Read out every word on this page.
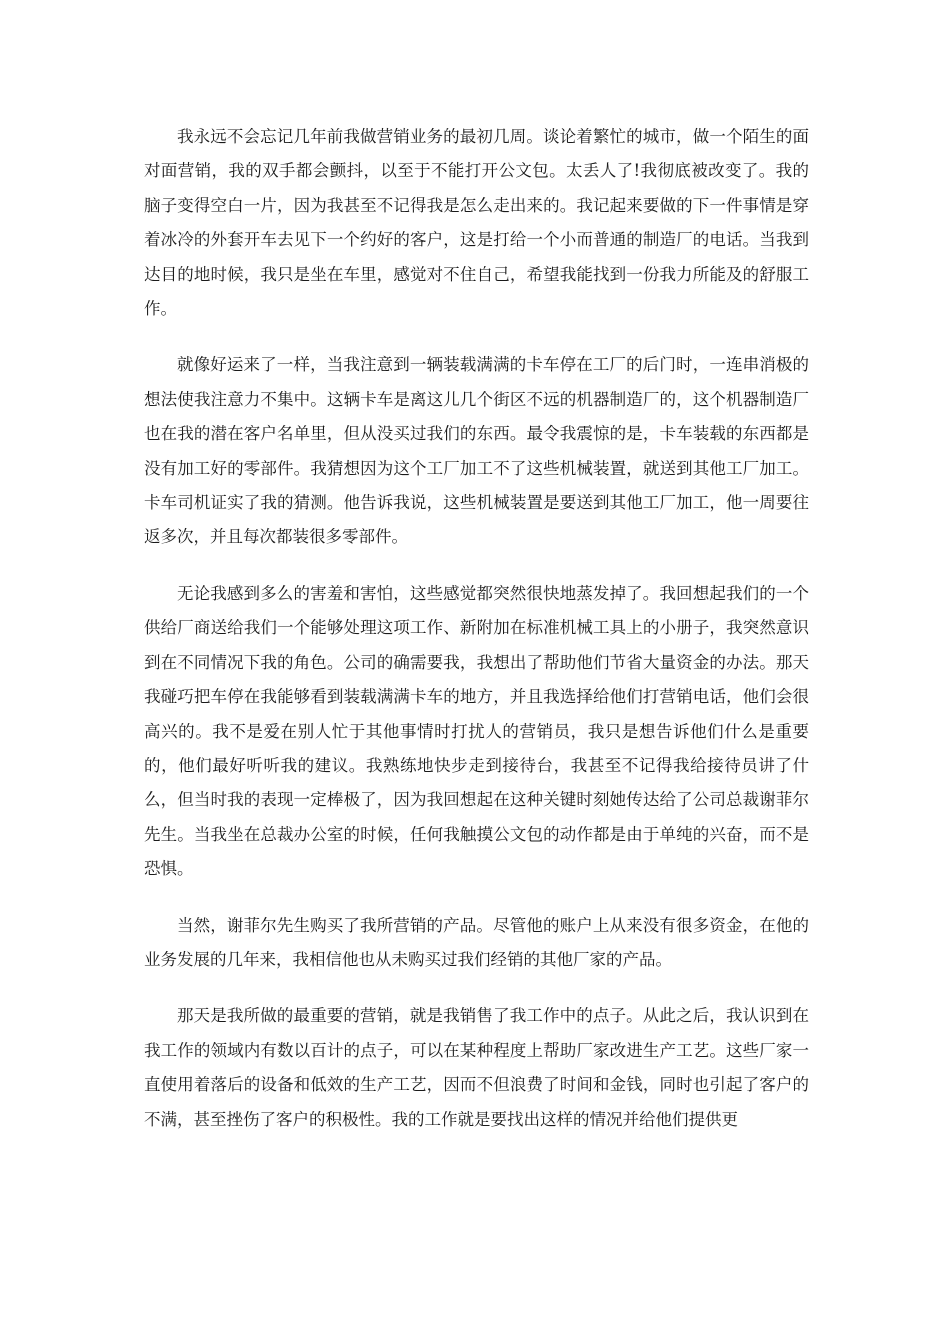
我永远不会忘记几年前我做营销业务的最初几周。谈论着繁忙的城市，做一个陌生的面对面营销，我的双手都会颤抖，以至于不能打开公文包。太丢人了!我彻底被改变了。我的脑子变得空白一片，因为我甚至不记得我是怎么走出来的。我记起来要做的下一件事情是穿着冰冷的外套开车去见下一个约好的客户，这是打给一个小而普通的制造厂的电话。当我到达目的地时候，我只是坐在车里，感觉对不住自己，希望我能找到一份我力所能及的舒服工作。

就像好运来了一样，当我注意到一辆装载满满的卡车停在工厂的后门时，一连串消极的想法使我注意力不集中。这辆卡车是离这儿几个街区不远的机器制造厂的，这个机器制造厂也在我的潜在客户名单里，但从没买过我们的东西。最令我震惊的是，卡车装载的东西都是没有加工好的零部件。我猜想因为这个工厂加工不了这些机械装置，就送到其他工厂加工。卡车司机证实了我的猜测。他告诉我说，这些机械装置是要送到其他工厂加工，他一周要往返多次，并且每次都装很多零部件。

无论我感到多么的害羞和害怕，这些感觉都突然很快地蒸发掉了。我回想起我们的一个供给厂商送给我们一个能够处理这项工作、新附加在标准机械工具上的小册子，我突然意识到在不同情况下我的角色。公司的确需要我，我想出了帮助他们节省大量资金的办法。那天我碰巧把车停在我能够看到装载满满卡车的地方，并且我选择给他们打营销电话，他们会很高兴的。我不是爱在别人忙于其他事情时打扰人的营销员，我只是想告诉他们什么是重要的，他们最好听听我的建议。我熟练地快步走到接待台，我甚至不记得我给接待员讲了什么，但当时我的表现一定棒极了，因为我回想起在这种关键时刻她传达给了公司总裁谢菲尔先生。当我坐在总裁办公室的时候，任何我触摸公文包的动作都是由于单纯的兴奋，而不是恐惧。

当然，谢菲尔先生购买了我所营销的产品。尽管他的账户上从来没有很多资金，在他的业务发展的几年来，我相信他也从未购买过我们经销的其他厂家的产品。

那天是我所做的最重要的营销，就是我销售了我工作中的点子。从此之后，我认识到在我工作的领域内有数以百计的点子，可以在某种程度上帮助厂家改进生产工艺。这些厂家一直使用着落后的设备和低效的生产工艺，因而不但浪费了时间和金钱，同时也引起了客户的不满，甚至挫伤了客户的积极性。我的工作就是要找出这样的情况并给他们提供更
